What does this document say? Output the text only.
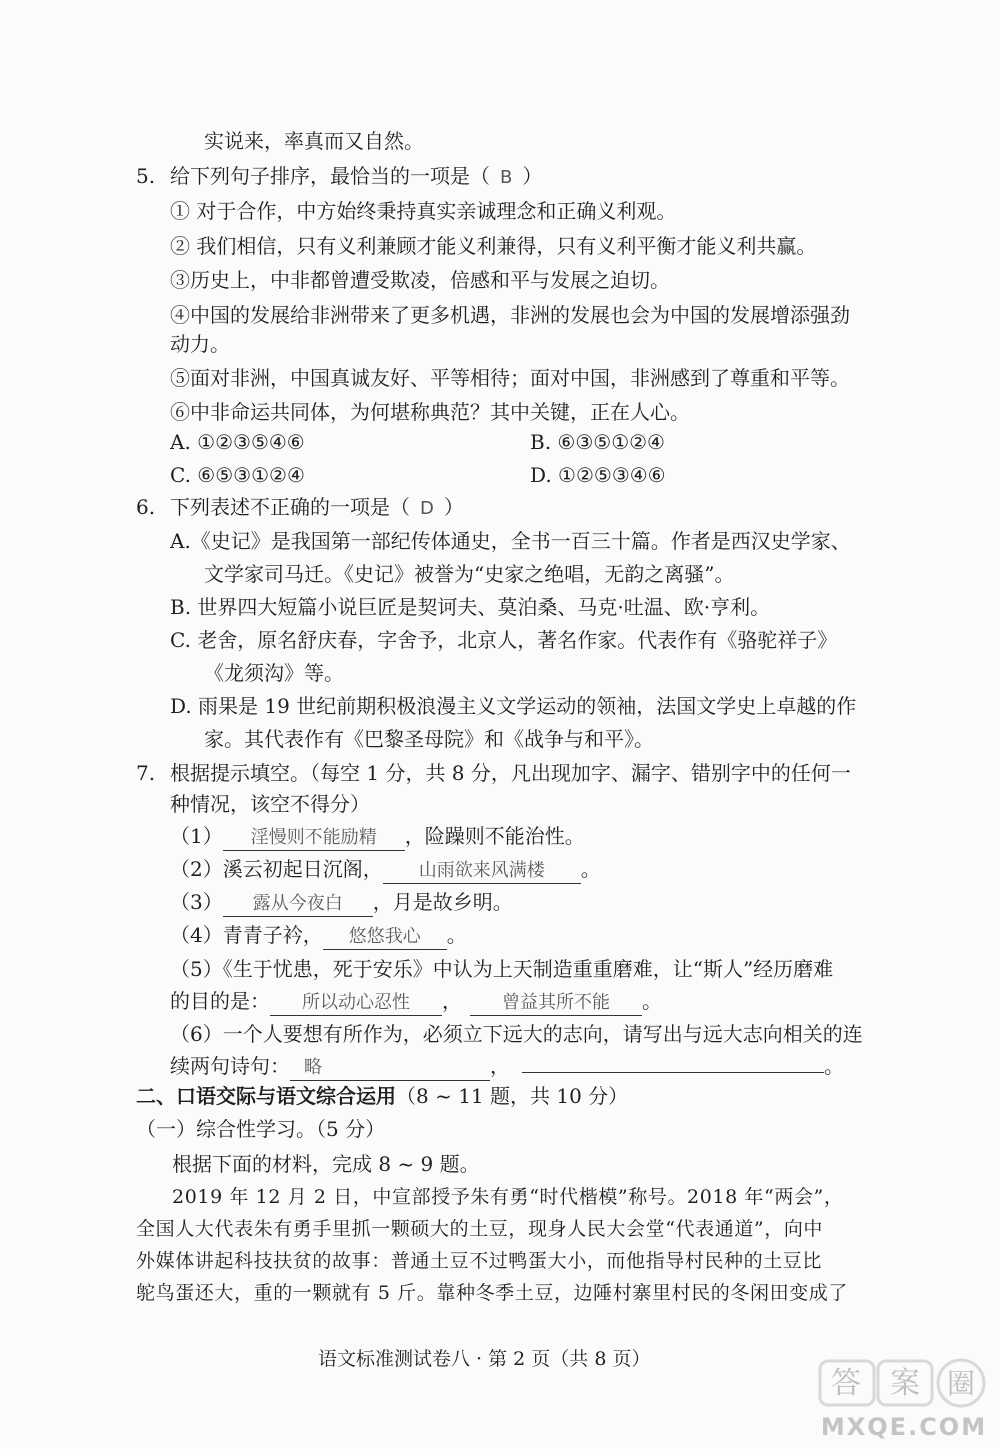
实说来，率真而又自然。
5. 给下列句子排序，最恰当的一项是（ B ）
① 对于合作，中方始终秉持真实亲诚理念和正确义利观。
② 我们相信，只有义利兼顾才能义利兼得，只有义利平衡才能义利共赢。
③历史上，中非都曾遭受欺凌，倍感和平与发展之迫切。
④中国的发展给非洲带来了更多机遇，非洲的发展也会为中国的发展增添强劲
动力。
⑤面对非洲，中国真诚友好、平等相待；面对中国，非洲感到了尊重和平等。
⑥中非命运共同体，为何堪称典范？其中关键，正在人心。
A. ①②③⑤④⑥	B. ⑥③⑤①②④
C. ⑥⑤③①②④	D. ①②⑤③④⑥
6. 下列表述不正确的一项是（ D ）
A.《史记》是我国第一部纪传体通史，全书一百三十篇。作者是西汉史学家、
文学家司马迁。《史记》被誉为“史家之绝唱，无韵之离骚”。
B. 世界四大短篇小说巨匠是契诃夫、莫泊桑、马克·吐温、欧·亨利。
C. 老舍，原名舒庆春，字舍予，北京人，著名作家。代表作有《骆驼祥子》
《龙须沟》等。
D. 雨果是 19 世纪前期积极浪漫主义文学运动的领袖，法国文学史上卓越的作
家。其代表作有《巴黎圣母院》和《战争与和平》。
7. 根据提示填空。（每空 1 分，共 8 分，凡出现加字、漏字、错别字中的任何一
种情况，该空不得分）
（1） 淫慢则不能励精 ，险躁则不能治性。
（2）溪云初起日沉阁， 山雨欲来风满楼 。
（3） 露从今夜白 ，月是故乡明。
（4）青青子衿， 悠悠我心 。
（5）《生于忧患，死于安乐》中认为上天制造重重磨难，让“斯人”经历磨难
的目的是： 所以动心忍性 ， 曾益其所不能 。
（6）一个人要想有所作为，必须立下远大的志向，请写出与远大志向相关的连
续两句诗句： 略	，	。
二、口语交际与语文综合运用（8 ~ 11 题，共 10 分）
（一）综合性学习。（5 分）
根据下面的材料，完成 8 ~ 9 题。
2019 年 12 月 2 日，中宣部授予朱有勇“时代楷模”称号。2018 年“两会”，
全国人大代表朱有勇手里抓一颗硕大的土豆，现身人民大会堂“代表通道”，向中
外媒体讲起科技扶贫的故事：普通土豆不过鸭蛋大小，而他指导村民种的土豆比
鸵鸟蛋还大，重的一颗就有 5 斤。靠种冬季土豆，边陲村寨里村民的冬闲田变成了
语文标准测试卷八 · 第 2 页（共 8 页）
答 案 圈
MXQE.COM
